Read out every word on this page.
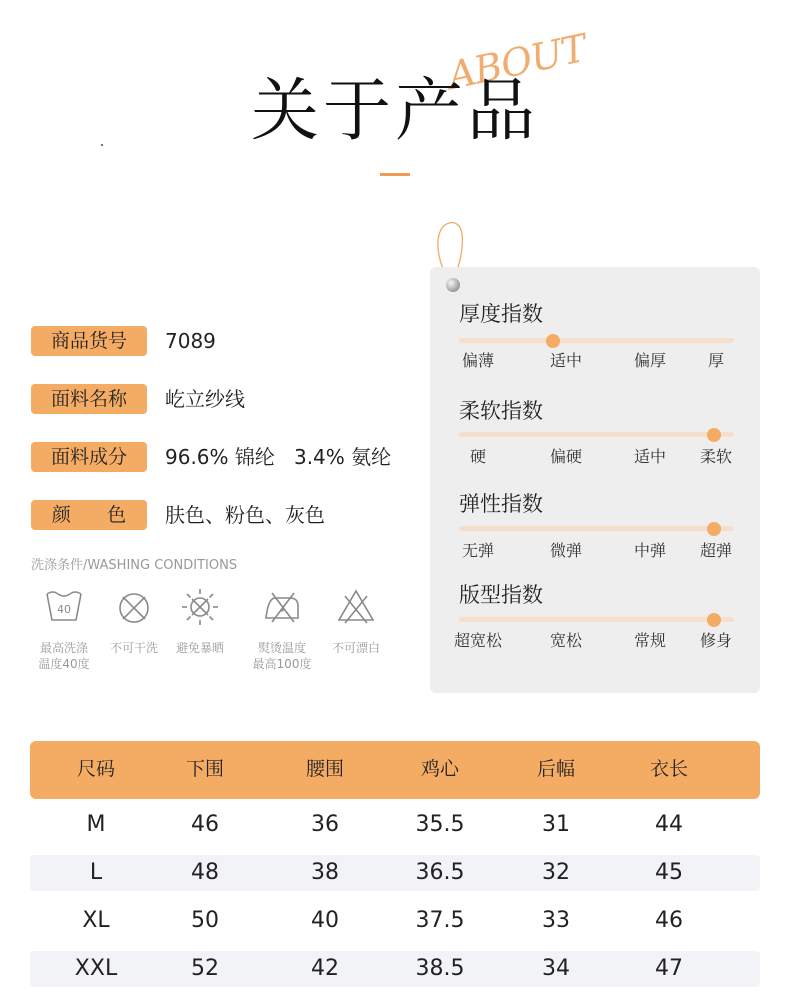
ABOUT
关于产品
商品货号	7089
面料名称	屹立纱线
面料成分	96.6% 锦纶   3.4% 氨纶
颜      色	肤色、粉色、灰色
洗涤条件/WASHING CONDITIONS
40
最高洗涤
温度40度
不可干洗	避免暴晒	熨烫温度
最高100度
不可漂白
厚度指数
偏薄	适中	偏厚	厚
柔软指数
硬	偏硬	适中	柔软
弹性指数
无弹	微弹	中弹	超弹
版型指数
超宽松	宽松	常规	修身
尺码	下围	腰围	鸡心	后幅	衣长
M	46	36	35.5	31	44
L	48	38	36.5	32	45
XL	50	40	37.5	33	46
XXL	52	42	38.5	34	47
